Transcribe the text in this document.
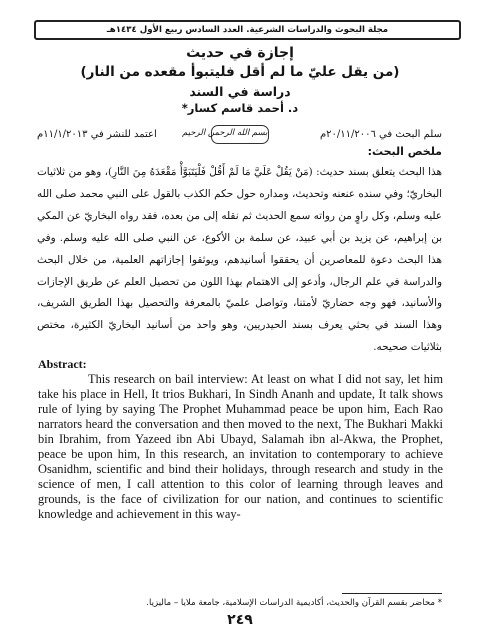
مجلة البحوث والدراسات الشرعية. العدد السادس ربيع الأول ١٤٣٤هـ
إجازة في حديث
(من يقل عليّ ما لم أقل فليتبوأ مقعده من النار)
دراسة في السند
د. أحمد قاسم كسار*
سلم البحث في ٢٠/١١/٢٠٠٦م
بسم الله الرحمن الرحيم
اعتمد للنشر في ١١/١/٢٠١٣م
ملخص البحث:

هذا البحث يتعلق بسند حديث: (مَنْ يَقُلْ عَلَيَّ مَا لَمْ أَقُلْ فَلْيَتَبَوَّأْ مَقْعَدَهُ مِنَ النَّارِ)، وهو من ثلاثيات البخاريّ؛ وفي سنده عنعنه وتحديث، ومداره حول حكم الكذب بالقول على النبي محمد صلى الله عليه وسلم، وكل راوٍ من رواته سمع الحديث ثم نقله إلى من بعده، فقد رواه البخاريّ عن المكي بن إبراهيم، عن يزيد بن أبي عبيد، عن سلمة بن الأكوع، عن النبي صلى الله عليه وسلم. وفي هذا البحث دعوة للمعاصرين أن يحققوا أسانيدهم، ويوثقوا إجازاتهم العلمية، من خلال البحث والدراسة في علم الرجال، وأدعو إلى الاهتمام بهذا اللون من تحصيل العلم عن طريق الإجازات والأسانيد، فهو وجه حضاريّ لأمتنا، وتواصل علميّ بالمعرفة والتحصيل بهذا الطريق الشريف، وهذا السند في بحثي يعرف بسند الحيدريين، وهو واحد من أسانيد البخاريّ الكثيرة، مختص بثلاثيات صحيحه.

Abstract:

This research on bail interview: At least on what I did not say, let him take his place in Hell, It trios Bukhari, In Sindh Ananh and update, It talk shows rule of lying by saying The Prophet Muhammad peace be upon him, Each Rao narrators heard the conversation and then moved to the next, The Bukhari Makki bin Ibrahim, from Yazeed ibn Abi Ubayd, Salamah ibn al-Akwa, the Prophet, peace be upon him, In this research, an invitation to contemporary to achieve Osanidhm, scientific and bind their holidays, through research and study in the science of men, I call attention to this color of learning through leaves and grounds, is the face of civilization for our nation, and continues to scientific knowledge and achievement in this way-

* محاضر بقسم القرآن والحديث، أكاديمية الدراسات الإسلامية، جامعة ملايا – ماليزيا.
٢٤٩
